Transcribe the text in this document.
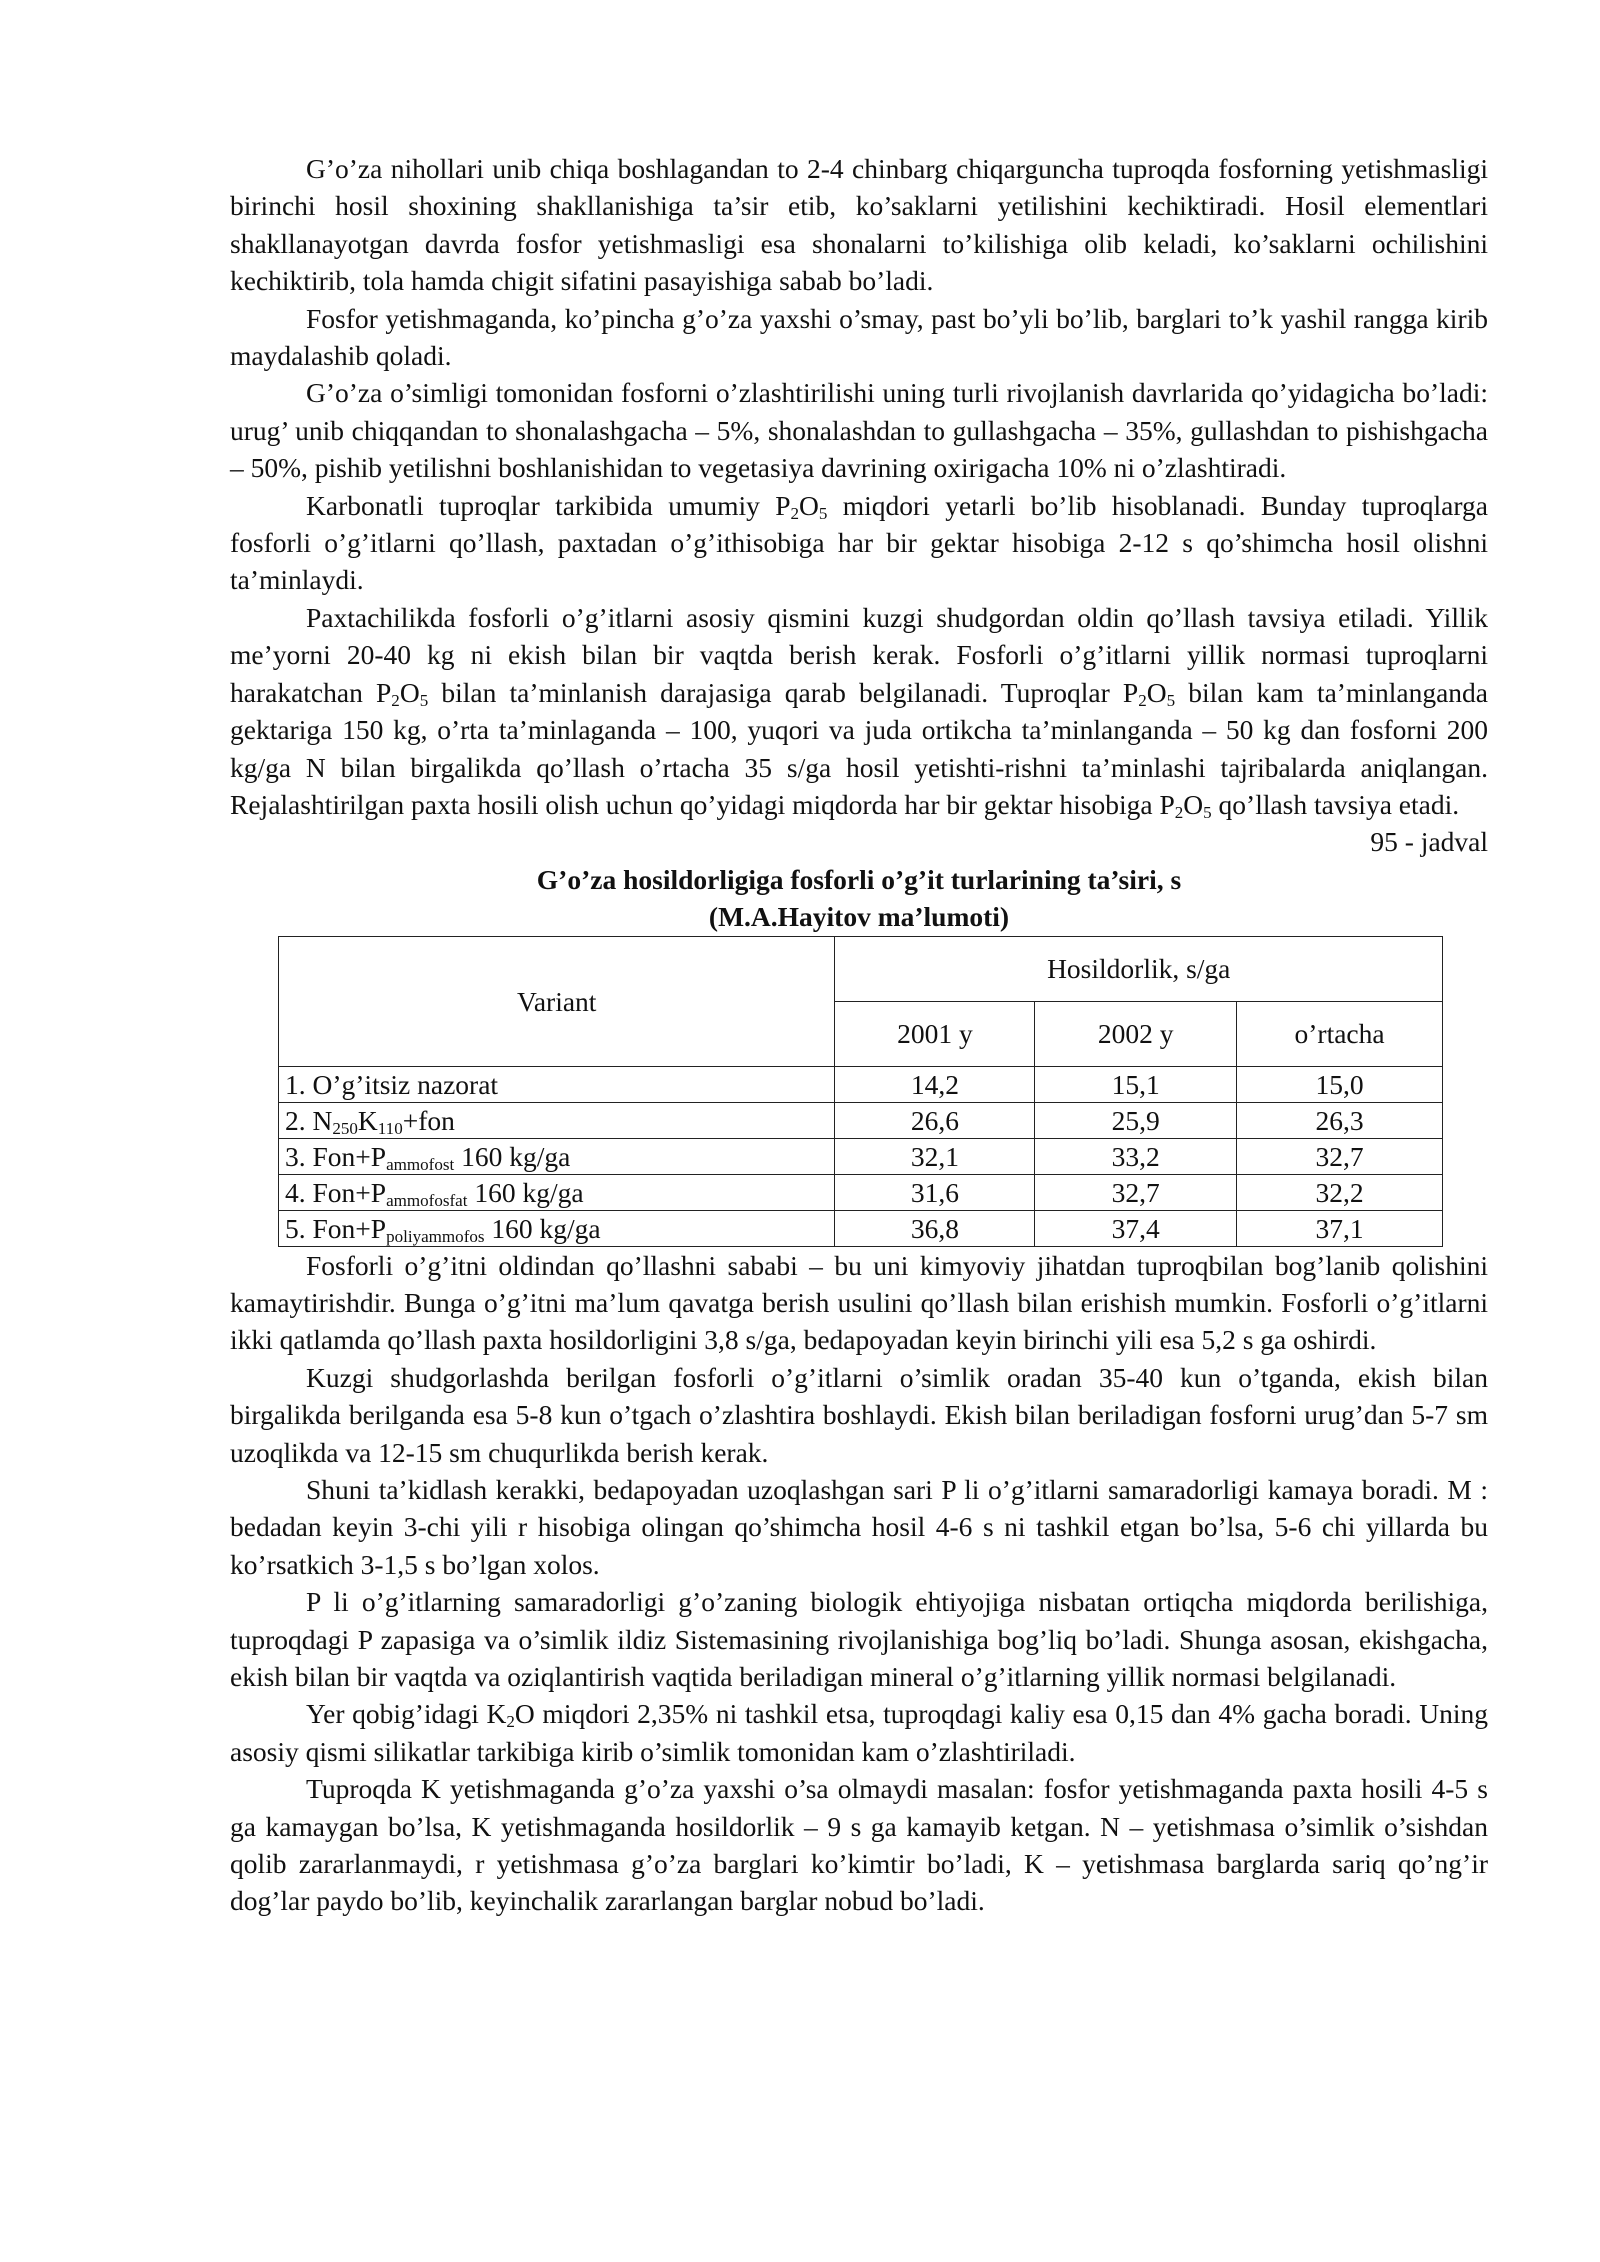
G’o’za nihollari unib chiqa boshlagandan to 2-4 chinbarg chiqarguncha tuproqda fosforning yetishmasligi birinchi hosil shoxining shakllanishiga ta’sir etib, ko’saklarni yetilishini kechiktiradi. Hosil elementlari shakllanayotgan davrda fosfor yetishmasligi esa shonalarni to’kilishiga olib keladi, ko’saklarni ochilishini kechiktirib, tola hamda chigit sifatini pasayishiga sabab bo’ladi.

Fosfor yetishmaganda, ko’pincha g’o’za yaxshi o’smay, past bo’yli bo’lib, barglari to’k yashil rangga kirib maydalashib qoladi.

G’o’za o’simligi tomonidan fosforni o’zlashtirilishi uning turli rivojlanish davrlarida qo’yidagicha bo’ladi: urug’ unib chiqqandan to shonalashgacha – 5%, shonalashdan to gullashgacha – 35%, gullashdan to pishishgacha – 50%, pishib yetilishni boshlanishidan to vegetasiya davrining oxirigacha 10% ni o’zlashtiradi.

Karbonatli tuproqlar tarkibida umumiy $P_2O_5$ miqdori yetarli bo’lib hisoblanadi. Bunday tuproqlarga fosforli o’g’itlarni qo’llash, paxtadan o’g’ithisobiga har bir gektar hisobiga 2-12 s qo’shimcha hosil olishni ta’minlaydi.

Paxtachilikda fosforli o’g’itlarni asosiy qismini kuzgi shudgordan oldin qo’llash tavsiya etiladi. Yillik me’yorni 20-40 kg ni ekish bilan bir vaqtda berish kerak. Fosforli o’g’itlarni yillik normasi tuproqlarni harakatchan $P_2O_5$ bilan ta’minlanish darajasiga qarab belgilanadi. Tuproqlar $P_2O_5$ bilan kam ta’minlanganda gektariga 150 kg, o’rta ta’minlaganda – 100, yuqori va juda ortikcha ta’minlanganda – 50 kg dan fosforni 200 kg/ga N bilan birgalikda qo’llash o’rtacha 35 s/ga hosil yetishti-rishni ta’minlashi tajribalarda aniqlangan. Rejalashtirilgan paxta hosili olish uchun qo’yidagi miqdorda har bir gektar hisobiga $P_2O_5$ qo’llash tavsiya etadi.

95 - jadval

G’o’za hosildorligiga fosforli o’g’it turlarining ta’siri, s

(M.A.Hayitov ma’lumoti)

Variant	Hosildorlik, s/ga		
	2001 y	2002 y	o’rtacha
1. O’g’itsiz nazorat	14,2	15,1	15,0
2. $N_{250}K_{110}+fon$	26,6	25,9	26,3
3. $Fon+P_{ammofost}$ 160 kg/ga	32,1	33,2	32,7
4. $Fon+P_{ammofosfat}$ 160 kg/ga	31,6	32,7	32,2
5. $Fon+P_{poliyammofos}$ 160 kg/ga	36,8	37,4	37,1

Fosforli o’g’itni oldindan qo’llashni sababi – bu uni kimyoviy jihatdan tuproqbilan bog’lanib qolishini kamaytirishdir. Bunga o’g’itni ma’lum qavatga berish usulini qo’llash bilan erishish mumkin. Fosforli o’g’itlarni ikki qatlamda qo’llash paxta hosildorligini 3,8 s/ga, bedapoyadan keyin birinchi yili esa 5,2 s ga oshirdi.

Kuzgi shudgorlashda berilgan fosforli o’g’itlarni o’simlik oradan 35-40 kun o’tganda, ekish bilan birgalikda berilganda esa 5-8 kun o’tgach o’zlashtira boshlaydi. Ekish bilan beriladigan fosforni urug’dan 5-7 sm uzoqlikda va 12-15 sm chuqurlikda berish kerak.

Shuni ta’kidlash kerakki, bedapoyadan uzoqlashgan sari P li o’g’itlarni samaradorligi kamaya boradi. M : bedadan keyin 3-chi yili r hisobiga olingan qo’shimcha hosil 4-6 s ni tashkil etgan bo’lsa, 5-6 chi yillarda bu ko’rsatkich 3-1,5 s bo’lgan xolos.

P li o’g’itlarning samaradorligi g’o’zaning biologik ehtiyojiga nisbatan ortiqcha miqdorda berilishiga, tuproqdagi P zapasiga va o’simlik ildiz Sistemasining rivojlanishiga bog’liq bo’ladi. Shunga asosan, ekishgacha, ekish bilan bir vaqtda va oziqlantirish vaqtida beriladigan mineral o’g’itlarning yillik normasi belgilanadi.

Yer qobig’idagi $K_2O$ miqdori 2,35% ni tashkil etsa, tuproqdagi kaliy esa 0,15 dan 4% gacha boradi. Uning asosiy qismi silikatlar tarkibiga kirib o’simlik tomonidan kam o’zlashtiriladi.

Tuproqda K yetishmaganda g’o’za yaxshi o’sa olmaydi masalan: fosfor yetishmaganda paxta hosili 4-5 s ga kamaygan bo’lsa, K yetishmaganda hosildorlik – 9 s ga kamayib ketgan. N – yetishmasa o’simlik o’sishdan qolib zararlanmaydi, r yetishmasa g’o’za barglari ko’kimtir bo’ladi, K – yetishmasa barglarda sariq qo’ng’ir dog’lar paydo bo’lib, keyinchalik zararlangan barglar nobud bo’ladi.
